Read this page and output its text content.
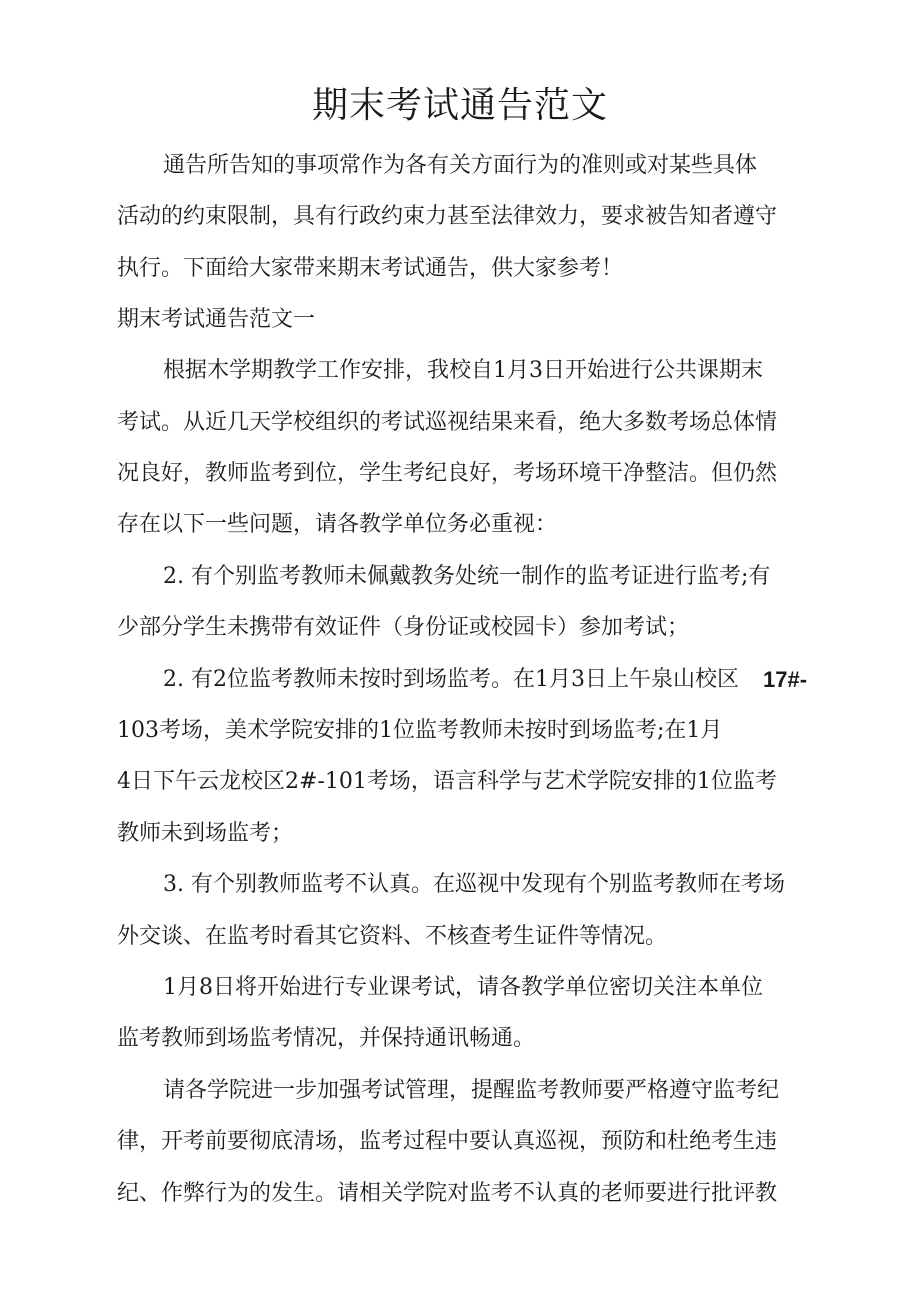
期末考试通告范文
通告所告知的事项常作为各有关方面行为的准则或对某些具体
活动的约束限制，具有行政约束力甚至法律效力，要求被告知者遵守
执行。下面给大家带来期末考试通告，供大家参考！
期末考试通告范文一
根据木学期教学工作安排，我校自1月3日开始进行公共课期末
考试。从近几天学校组织的考试巡视结果来看，绝大多数考场总体情
况良好，教师监考到位，学生考纪良好，考场环境干净整洁。但仍然
存在以下一些问题，请各教学单位务必重视：
2. 有个别监考教师未佩戴教务处统一制作的监考证进行监考;有
少部分学生未携带有效证件（身份证或校园卡）参加考试；
2. 有2位监考教师未按时到场监考。在1月3日上午泉山校区 17#-
103考场，美术学院安排的1位监考教师未按时到场监考;在1月
4日下午云龙校区2#-101考场，语言科学与艺术学院安排的1位监考
教师未到场监考；
3. 有个别教师监考不认真。在巡视中发现有个别监考教师在考场
外交谈、在监考时看其它资料、不核查考生证件等情况。
1月8日将开始进行专业课考试，请各教学单位密切关注本单位
监考教师到场监考情况，并保持通讯畅通。
请各学院进一步加强考试管理，提醒监考教师要严格遵守监考纪
律，开考前要彻底清场，监考过程中要认真巡视，预防和杜绝考生违
纪、作弊行为的发生。请相关学院对监考不认真的老师要进行批评教
